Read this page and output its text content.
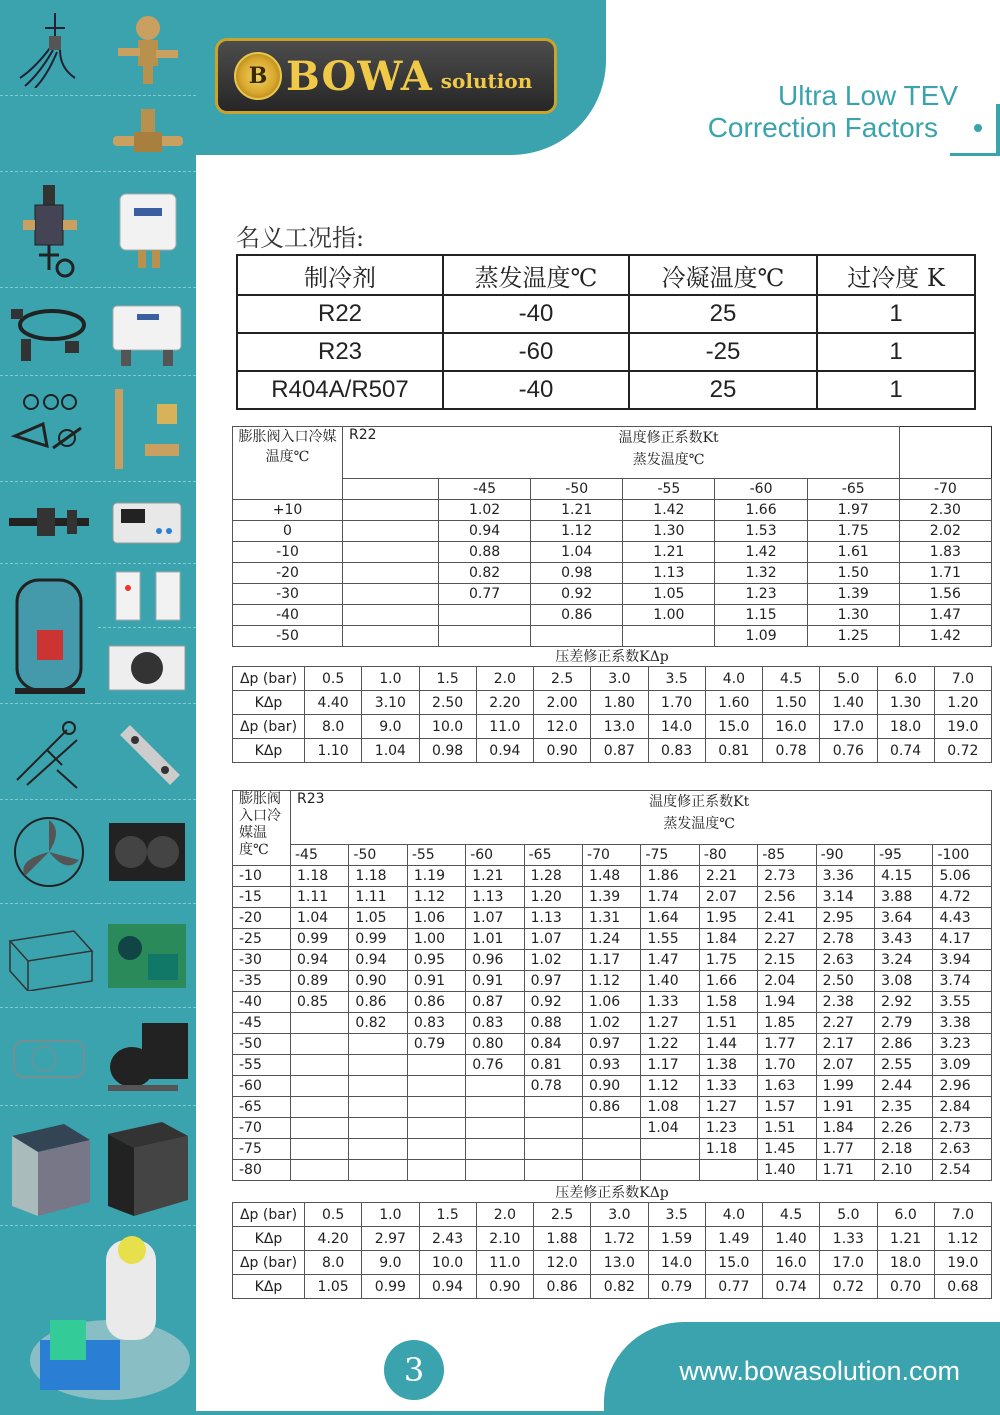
B BOWA solution	Ultra Low TEV
Correction Factors
名义工况指:
制冷剂	蒸发温度℃	冷凝温度℃	过冷度 K
R22	-40	25	1
R23	-60	-25	1
R404A/R507	-40	25	1
膨胀阀入口冷媒温度℃	R22	温度修正系数Kt
蒸发温度℃					
		-45	-50	-55	-60	-65	-70
+10		1.02	1.21	1.42	1.66	1.97	2.30
0		0.94	1.12	1.30	1.53	1.75	2.02
-10		0.88	1.04	1.21	1.42	1.61	1.83
-20		0.82	0.98	1.13	1.32	1.50	1.71
-30		0.77	0.92	1.05	1.23	1.39	1.56
-40			0.86	1.00	1.15	1.30	1.47
-50					1.09	1.25	1.42
压差修正系数KΔp
Δp (bar)	0.5	1.0	1.5	2.0	2.5	3.0	3.5	4.0	4.5	5.0	6.0	7.0
KΔp	4.40	3.10	2.50	2.20	2.00	1.80	1.70	1.60	1.50	1.40	1.30	1.20
Δp (bar)	8.0	9.0	10.0	11.0	12.0	13.0	14.0	15.0	16.0	17.0	18.0	19.0
KΔp	1.10	1.04	0.98	0.94	0.90	0.87	0.83	0.81	0.78	0.76	0.74	0.72
膨胀阀入口冷媒温度℃	R23		温度修正系数Kt
蒸发温度℃									
	-45	-50	-55	-60	-65	-70	-75	-80	-85	-90	-95	-100
-10	1.18	1.18	1.19	1.21	1.28	1.48	1.86	2.21	2.73	3.36	4.15	5.06
-15	1.11	1.11	1.12	1.13	1.20	1.39	1.74	2.07	2.56	3.14	3.88	4.72
-20	1.04	1.05	1.06	1.07	1.13	1.31	1.64	1.95	2.41	2.95	3.64	4.43
-25	0.99	0.99	1.00	1.01	1.07	1.24	1.55	1.84	2.27	2.78	3.43	4.17
-30	0.94	0.94	0.95	0.96	1.02	1.17	1.47	1.75	2.15	2.63	3.24	3.94
-35	0.89	0.90	0.91	0.91	0.97	1.12	1.40	1.66	2.04	2.50	3.08	3.74
-40	0.85	0.86	0.86	0.87	0.92	1.06	1.33	1.58	1.94	2.38	2.92	3.55
-45		0.82	0.83	0.83	0.88	1.02	1.27	1.51	1.85	2.27	2.79	3.38
-50			0.79	0.80	0.84	0.97	1.22	1.44	1.77	2.17	2.86	3.23
-55				0.76	0.81	0.93	1.17	1.38	1.70	2.07	2.55	3.09
-60					0.78	0.90	1.12	1.33	1.63	1.99	2.44	2.96
-65						0.86	1.08	1.27	1.57	1.91	2.35	2.84
-70							1.04	1.23	1.51	1.84	2.26	2.73
-75								1.18	1.45	1.77	2.18	2.63
-80									1.40	1.71	2.10	2.54
压差修正系数KΔp
Δp (bar)	0.5	1.0	1.5	2.0	2.5	3.0	3.5	4.0	4.5	5.0	6.0	7.0
KΔp	4.20	2.97	2.43	2.10	1.88	1.72	1.59	1.49	1.40	1.33	1.21	1.12
Δp (bar)	8.0	9.0	10.0	11.0	12.0	13.0	14.0	15.0	16.0	17.0	18.0	19.0
KΔp	1.05	0.99	0.94	0.90	0.86	0.82	0.79	0.77	0.74	0.72	0.70	0.68
3	www.bowasolution.com
